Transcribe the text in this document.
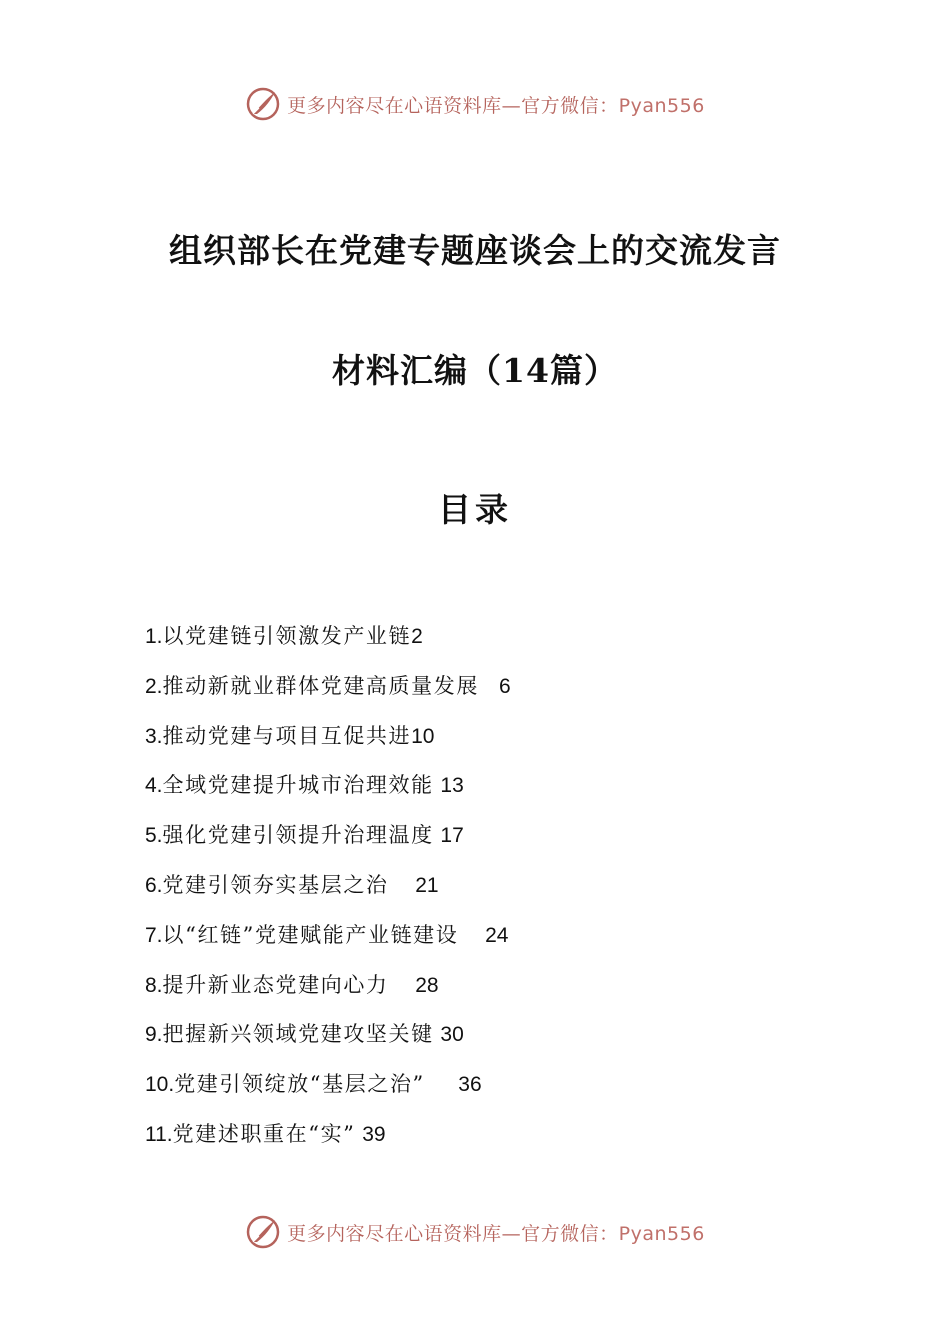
更多内容尽在心语资料库—官方微信：Pyan556
组织部长在党建专题座谈会上的交流发言
材料汇编（14篇）
目录
1.以党建链引领激发产业链2
2.推动新就业群体党建高质量发展 6
3.推动党建与项目互促共进10
4.全域党建提升城市治理效能 13
5.强化党建引领提升治理温度 17
6.党建引领夯实基层之治 21
7.以“红链”党建赋能产业链建设 24
8.提升新业态党建向心力 28
9.把握新兴领域党建攻坚关键 30
10.党建引领绽放“基层之治” 36
11.党建述职重在“实” 39
更多内容尽在心语资料库—官方微信：Pyan556
